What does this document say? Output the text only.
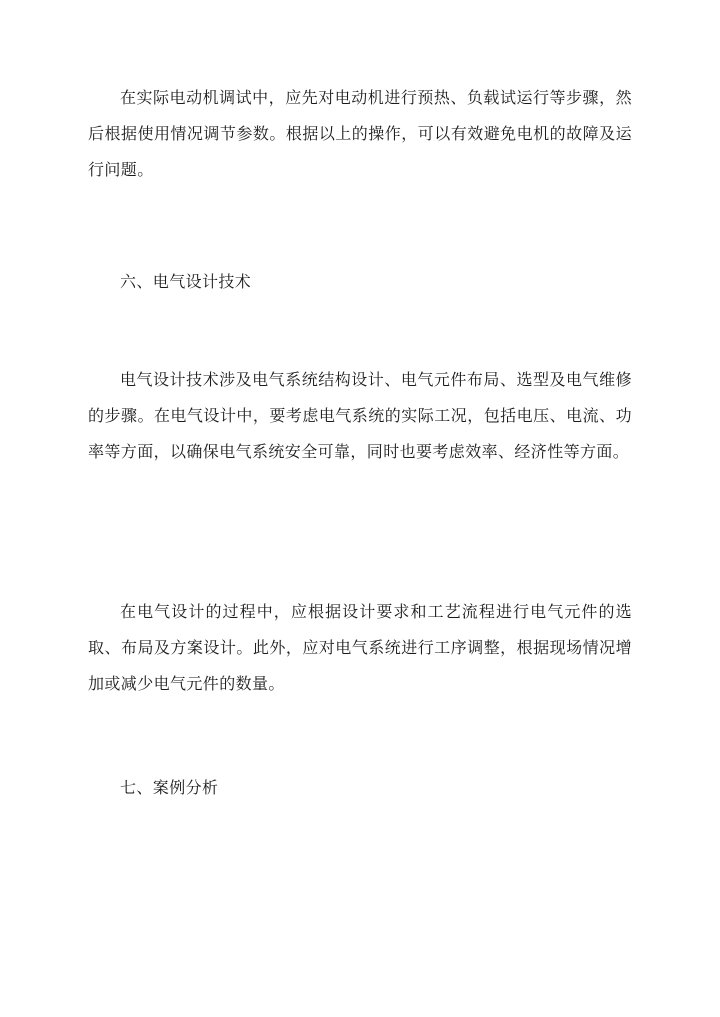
在实际电动机调试中，应先对电动机进行预热、负载试运行等步骤，然后根据使用情况调节参数。根据以上的操作，可以有效避免电机的故障及运行问题。

六、电气设计技术

电气设计技术涉及电气系统结构设计、电气元件布局、选型及电气维修的步骤。在电气设计中，要考虑电气系统的实际工况，包括电压、电流、功率等方面，以确保电气系统安全可靠，同时也要考虑效率、经济性等方面。

在电气设计的过程中，应根据设计要求和工艺流程进行电气元件的选取、布局及方案设计。此外，应对电气系统进行工序调整，根据现场情况增加或减少电气元件的数量。

七、案例分析
